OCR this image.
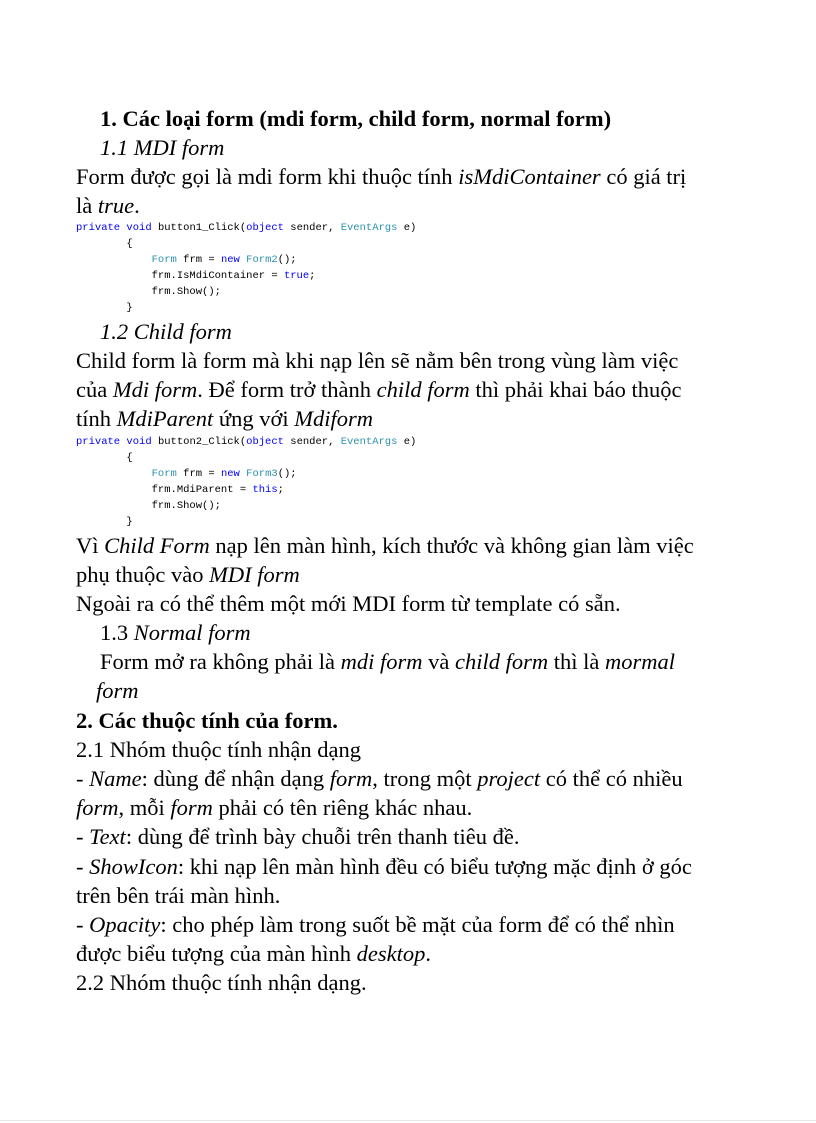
1. Các loại form (mdi form, child form, normal form)
1.1 MDI form
Form được gọi là mdi form khi thuộc tính isMdiContainer có giá trị
là true.
private void button1_Click(object sender, EventArgs e)
{
Form frm = new Form2();
frm.IsMdiContainer = true;
frm.Show();
}
1.2 Child form
Child form là form mà khi nạp lên sẽ nằm bên trong vùng làm việc
của Mdi form. Để form trở thành child form thì phải khai báo thuộc
tính MdiParent ứng với Mdiform
private void button2_Click(object sender, EventArgs e)
{
Form frm = new Form3();
frm.MdiParent = this;
frm.Show();
}
Vì Child Form nạp lên màn hình, kích thước và không gian làm việc
phụ thuộc vào MDI form
Ngoài ra có thể thêm một mới MDI form từ template có sẵn.
1.3 Normal form
Form mở ra không phải là mdi form và child form thì là mormal
form
2. Các thuộc tính của form.
2.1 Nhóm thuộc tính nhận dạng
- Name: dùng để nhận dạng form, trong một project có thể có nhiều
form, mỗi form phải có tên riêng khác nhau.
- Text: dùng để trình bày chuỗi trên thanh tiêu đề.
- ShowIcon: khi nạp lên màn hình đều có biểu tượng mặc định ở góc
trên bên trái màn hình.
- Opacity: cho phép làm trong suốt bề mặt của form để có thể nhìn
được biểu tượng của màn hình desktop.
2.2 Nhóm thuộc tính nhận dạng.
